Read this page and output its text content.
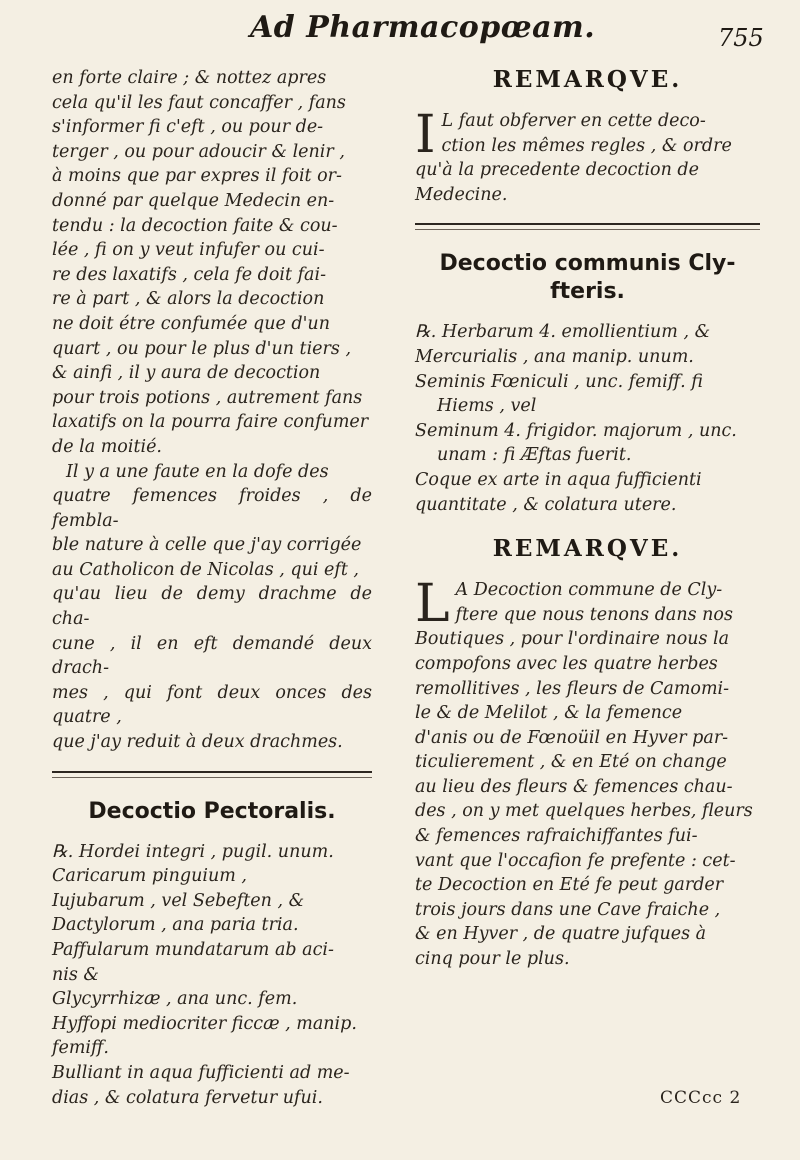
Ad Pharmacopœam.	755

en forte claire ; & nottez apres

cela qu'il les faut concaffer , fans

s'informer fi c'eft , ou pour de-

terger , ou pour adoucir & lenir ,

à moins que par expres il foit or-

donné par quelque Medecin en-

tendu : la decoction faite & cou-

lée , fi on y veut infufer ou cui-

re des laxatifs , cela fe doit fai-

re à part , & alors la decoction

ne doit étre confumée que d'un

quart , ou pour le plus d'un tiers ,

& ainfi , il y aura de decoction

pour trois potions , autrement fans

laxatifs on la pourra faire confumer

de la moitié.

Il y a une faute en la dofe des

quatre femences froides , de fembla-

ble nature à celle que j'ay corrigée

au Catholicon de Nicolas , qui eft ,

qu'au lieu de demy drachme de cha-

cune , il en eft demandé deux drach-

mes , qui font deux onces des quatre ,

que j'ay reduit à deux drachmes.

Decoctio Pectoralis.

℞. Hordei integri , pugil. unum.

Caricarum pinguium ,

Iujubarum , vel Sebeften , &

Dactylorum , ana paria tria.

Paffularum mundatarum ab aci-

nis &

Glycyrrhizæ , ana unc. fem.

Hyffopi mediocriter ficcæ , manip.

femiff.

Bulliant in aqua fufficienti ad me-

dias , & colatura fervetur ufui.

REMARQVE.
I L faut obferver en cette deco-

ction les mêmes regles , & ordre

qu'à la precedente decoction de

Medecine.

Decoctio communis Cly-fteris.

℞. Herbarum 4. emollientium , &

Mercurialis , ana manip. unum.

Seminis Fœniculi , unc. femiff. fi

Hiems , vel

Seminum 4. frigidor. majorum , unc.

unam : fi Æftas fuerit.

Coque ex arte in aqua fufficienti

quantitate , & colatura utere.

REMARQVE.
L A Decoction commune de Cly-

ftere que nous tenons dans nos

Boutiques , pour l'ordinaire nous la

compofons avec les quatre herbes

remollitives , les fleurs de Camomi-

le & de Melilot , & la femence

d'anis ou de Fœnoüil en Hyver par-

ticulierement , & en Eté on change

au lieu des fleurs & femences chau-

des , on y met quelques herbes, fleurs

& femences rafraichiffantes fui-

vant que l'occafion fe prefente : cet-

te Decoction en Eté fe peut garder

trois jours dans une Cave fraiche ,

& en Hyver , de quatre jufques à

cinq pour le plus.

CCCcc 2
